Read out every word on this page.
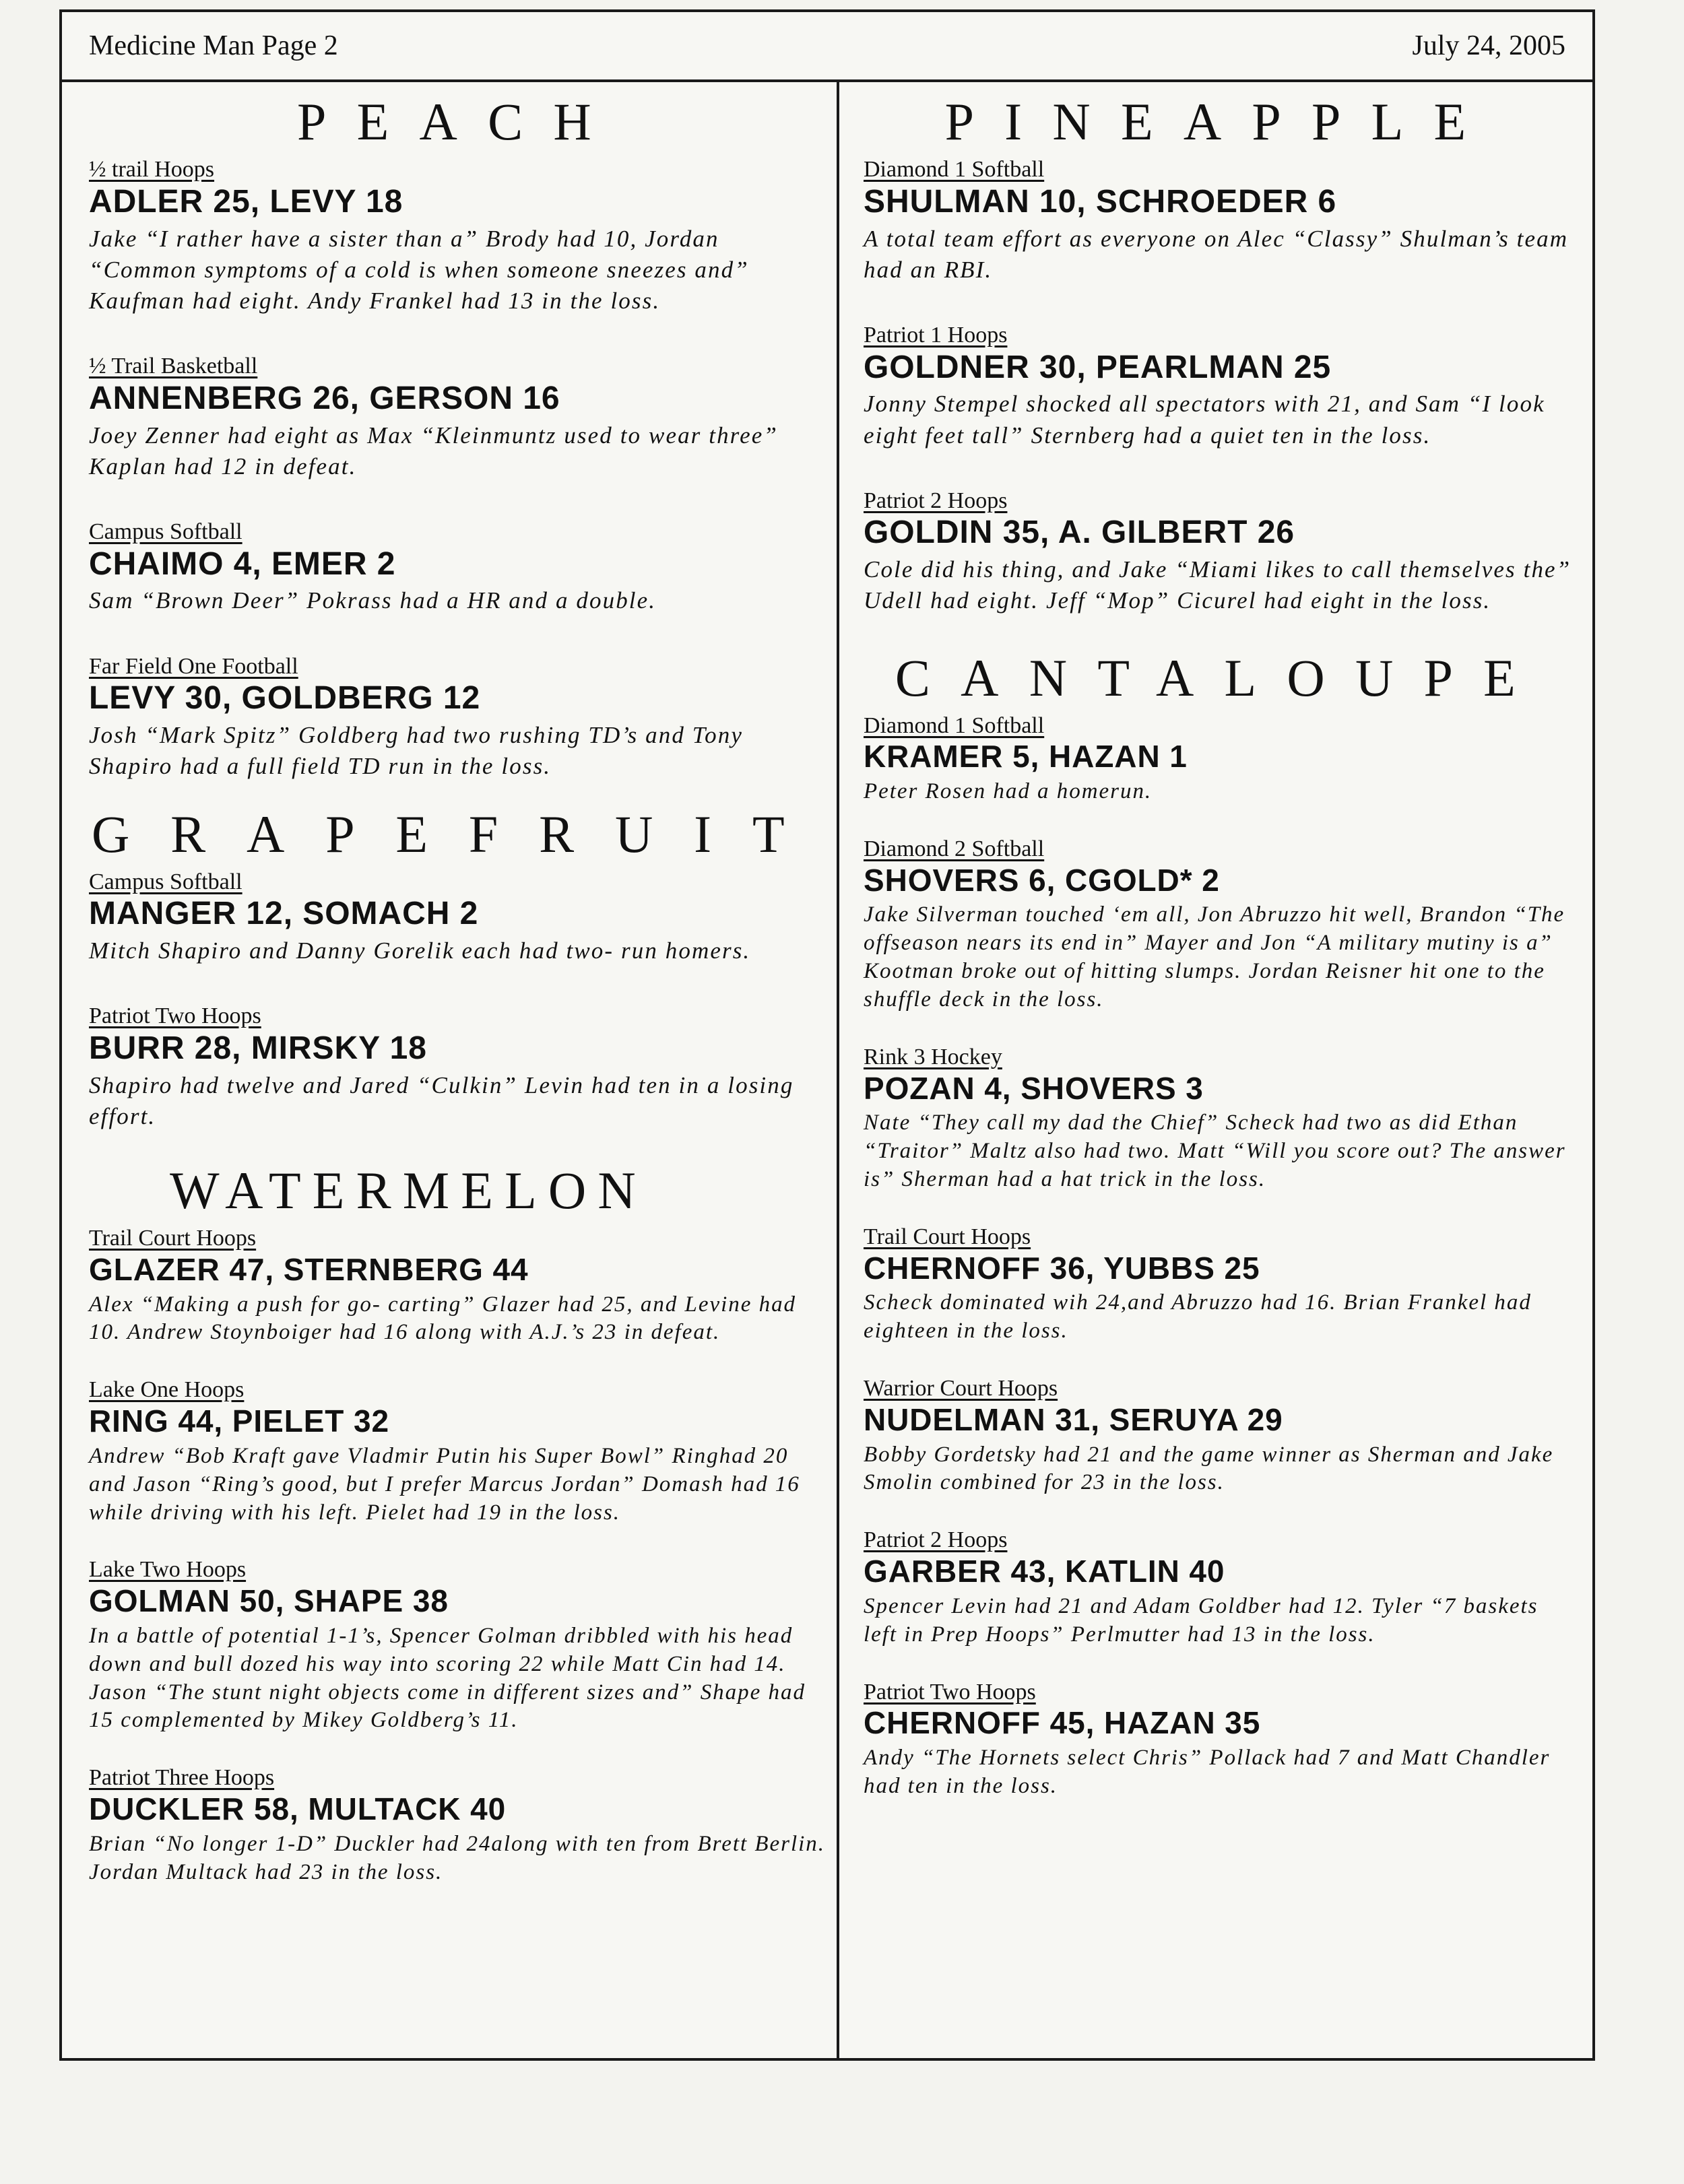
Medicine Man Page 2	July 24, 2005
PEACH
½ trail Hoops
ADLER 25, LEVY 18
Jake “I rather have a sister than a” Brody had 10, Jordan “Common symptoms of a cold is when someone sneezes and” Kaufman had eight. Andy Frankel had 13 in the loss.
½ Trail Basketball
ANNENBERG 26, GERSON 16
Joey Zenner had eight as Max “Kleinmuntz used to wear three” Kaplan had 12 in defeat.
Campus Softball
CHAIMO 4, EMER 2
Sam “Brown Deer” Pokrass had a HR and a double.
Far Field One Football
LEVY 30, GOLDBERG 12
Josh “Mark Spitz” Goldberg had two rushing TD’s and Tony Shapiro had a full field TD run in the loss.
GRAPEFRUIT
Campus Softball
MANGER 12, SOMACH 2
Mitch Shapiro and Danny Gorelik each had two- run homers.
Patriot Two Hoops
BURR 28, MIRSKY 18
Shapiro had twelve and Jared “Culkin” Levin had ten in a losing effort.
WATERMELON
Trail Court Hoops
GLAZER 47, STERNBERG 44
Alex “Making a push for go- carting” Glazer had 25, and Levine had 10. Andrew Stoynboiger had 16 along with A.J.’s 23 in defeat.
Lake One Hoops
RING 44, PIELET 32
Andrew “Bob Kraft gave Vladmir Putin his Super Bowl” Ringhad 20 and Jason “Ring’s good, but I prefer Marcus Jordan” Domash had 16 while driving with his left. Pielet had 19 in the loss.
Lake Two Hoops
GOLMAN 50, SHAPE 38
In a battle of potential 1-1’s, Spencer Golman dribbled with his head down and bull dozed his way into scoring 22 while Matt Cin had 14. Jason “The stunt night objects come in different sizes and” Shape had 15 complemented by Mikey Goldberg’s 11.
Patriot Three Hoops
DUCKLER 58, MULTACK 40
Brian “No longer 1-D” Duckler had 24along with ten from Brett Berlin. Jordan Multack had 23 in the loss.
PINEAPPLE
Diamond 1 Softball
SHULMAN 10, SCHROEDER 6
A total team effort as everyone on Alec “Classy” Shulman’s team had an RBI.
Patriot 1 Hoops
GOLDNER 30, PEARLMAN 25
Jonny Stempel shocked all spectators with 21, and Sam “I look eight feet tall” Sternberg had a quiet ten in the loss.
Patriot 2 Hoops
GOLDIN 35, A. GILBERT 26
Cole did his thing, and Jake “Miami likes to call themselves the” Udell had eight. Jeff “Mop” Cicurel had eight in the loss.
CANTALOUPE
Diamond 1 Softball
KRAMER 5, HAZAN 1
Peter Rosen had a homerun.
Diamond 2 Softball
SHOVERS 6, CGOLD* 2
Jake Silverman touched ‘em all, Jon Abruzzo hit well, Brandon “The offseason nears its end in” Mayer and Jon “A military mutiny is a” Kootman broke out of hitting slumps. Jordan Reisner hit one to the shuffle deck in the loss.
Rink 3 Hockey
POZAN 4, SHOVERS 3
Nate “They call my dad the Chief” Scheck had two as did Ethan “Traitor” Maltz also had two. Matt “Will you score out? The answer is” Sherman had a hat trick in the loss.
Trail Court Hoops
CHERNOFF 36, YUBBS 25
Scheck dominated wih 24,and Abruzzo had 16. Brian Frankel had eighteen in the loss.
Warrior Court Hoops
NUDELMAN 31, SERUYA 29
Bobby Gordetsky had 21 and the game winner as Sherman and Jake Smolin combined for 23 in the loss.
Patriot 2 Hoops
GARBER 43, KATLIN 40
Spencer Levin had 21 and Adam Goldber had 12. Tyler “7 baskets left in Prep Hoops” Perlmutter had 13 in the loss.
Patriot Two Hoops
CHERNOFF 45, HAZAN 35
Andy “The Hornets select Chris” Pollack had 7 and Matt Chandler had ten in the loss.
